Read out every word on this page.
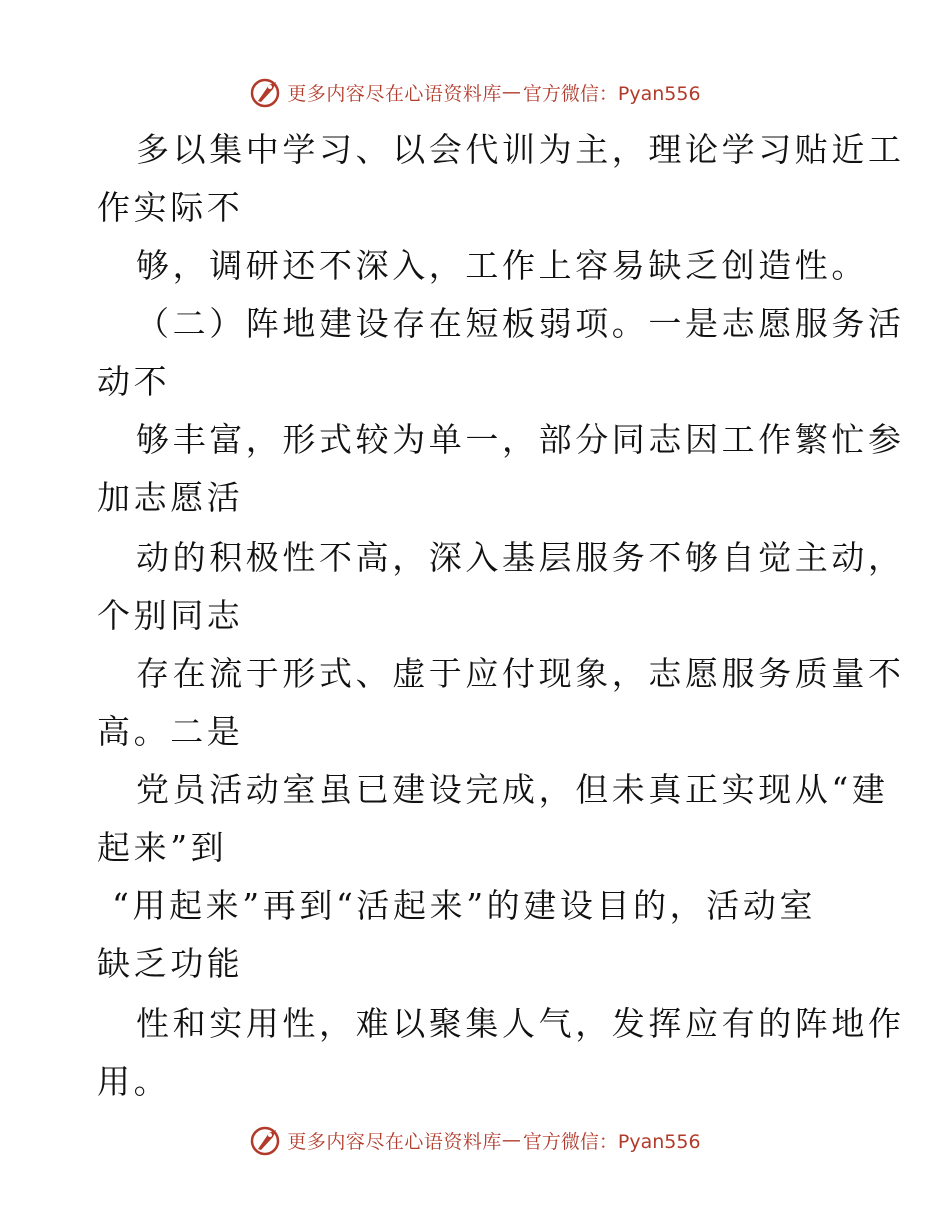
更多内容尽在心语资料库 — 官方微信：Pyan556
多以集中学习、以会代训为主，理论学习贴近工
作实际不
够，调研还不深入，工作上容易缺乏创造性。
（二）阵地建设存在短板弱项。一是志愿服务活
动不
够丰富，形式较为单一，部分同志因工作繁忙参
加志愿活
动的积极性不高，深入基层服务不够自觉主动，
个别同志
存在流于形式、虚于应付现象，志愿服务质量不
高。二是
党员活动室虽已建设完成，但未真正实现从“建
起来”到
“用起来”再到“活起来”的建设目的，活动室
缺乏功能
性和实用性，难以聚集人气，发挥应有的阵地作
用。
更多内容尽在心语资料库 — 官方微信：Pyan556
